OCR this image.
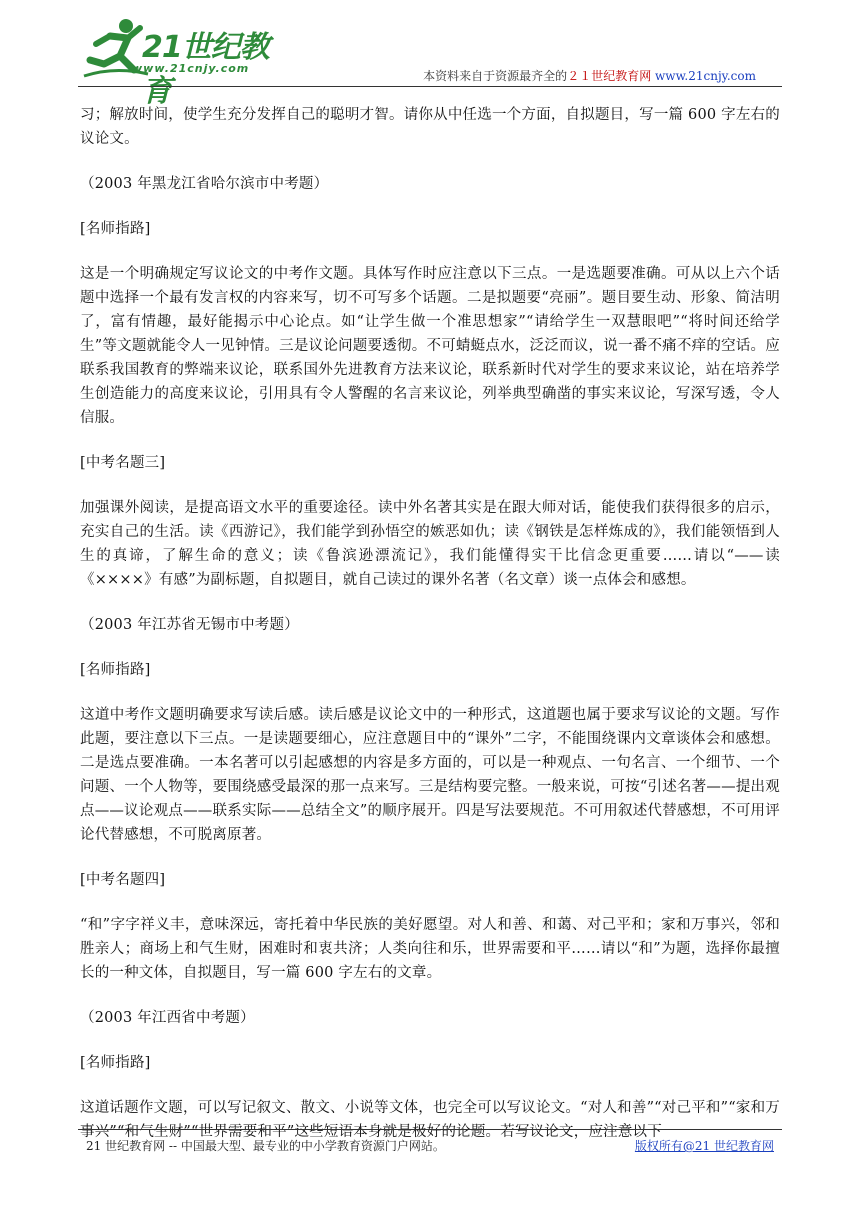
21世纪教育
www.21cnjy.com
本资料来自于资源最齐全的２１世纪教育网 www.21cnjy.com

习；解放时间，使学生充分发挥自己的聪明才智。请你从中任选一个方面，自拟题目，写一篇 600 字左右的议论文。

（2003 年黑龙江省哈尔滨市中考题）

[名师指路]

这是一个明确规定写议论文的中考作文题。具体写作时应注意以下三点。一是选题要准确。可从以上六个话题中选择一个最有发言权的内容来写，切不可写多个话题。二是拟题要“亮丽”。题目要生动、形象、简洁明了，富有情趣，最好能揭示中心论点。如“让学生做一个准思想家”“请给学生一双慧眼吧”“将时间还给学生”等文题就能令人一见钟情。三是议论问题要透彻。不可蜻蜓点水，泛泛而议，说一番不痛不痒的空话。应联系我国教育的弊端来议论，联系国外先进教育方法来议论，联系新时代对学生的要求来议论，站在培养学生创造能力的高度来议论，引用具有令人警醒的名言来议论，列举典型确凿的事实来议论，写深写透，令人信服。

[中考名题三]

加强课外阅读，是提高语文水平的重要途径。读中外名著其实是在跟大师对话，能使我们获得很多的启示，充实自己的生活。读《西游记》，我们能学到孙悟空的嫉恶如仇；读《钢铁是怎样炼成的》，我们能领悟到人生的真谛，了解生命的意义；读《鲁滨逊漂流记》，我们能懂得实干比信念更重要……请以“——读《××××》有感”为副标题，自拟题目，就自己读过的课外名著（名文章）谈一点体会和感想。

（2003 年江苏省无锡市中考题）

[名师指路]

这道中考作文题明确要求写读后感。读后感是议论文中的一种形式，这道题也属于要求写议论的文题。写作此题，要注意以下三点。一是读题要细心，应注意题目中的“课外”二字，不能围绕课内文章谈体会和感想。二是选点要准确。一本名著可以引起感想的内容是多方面的，可以是一种观点、一句名言、一个细节、一个问题、一个人物等，要围绕感受最深的那一点来写。三是结构要完整。一般来说，可按“引述名著——提出观点——议论观点——联系实际——总结全文”的顺序展开。四是写法要规范。不可用叙述代替感想，不可用评论代替感想，不可脱离原著。

[中考名题四]

“和”字字祥义丰，意味深远，寄托着中华民族的美好愿望。对人和善、和蔼、对己平和；家和万事兴，邻和胜亲人；商场上和气生财，困难时和衷共济；人类向往和乐，世界需要和平……请以“和”为题，选择你最擅长的一种文体，自拟题目，写一篇 600 字左右的文章。

（2003 年江西省中考题）

[名师指路]

这道话题作文题，可以写记叙文、散文、小说等文体，也完全可以写议论文。“对人和善”“对己平和”“家和万事兴”“和气生财”“世界需要和平”这些短语本身就是极好的论题。若写议论文，应注意以下

21 世纪教育网 -- 中国最大型、最专业的中小学教育资源门户网站。	版权所有@21 世纪教育网
